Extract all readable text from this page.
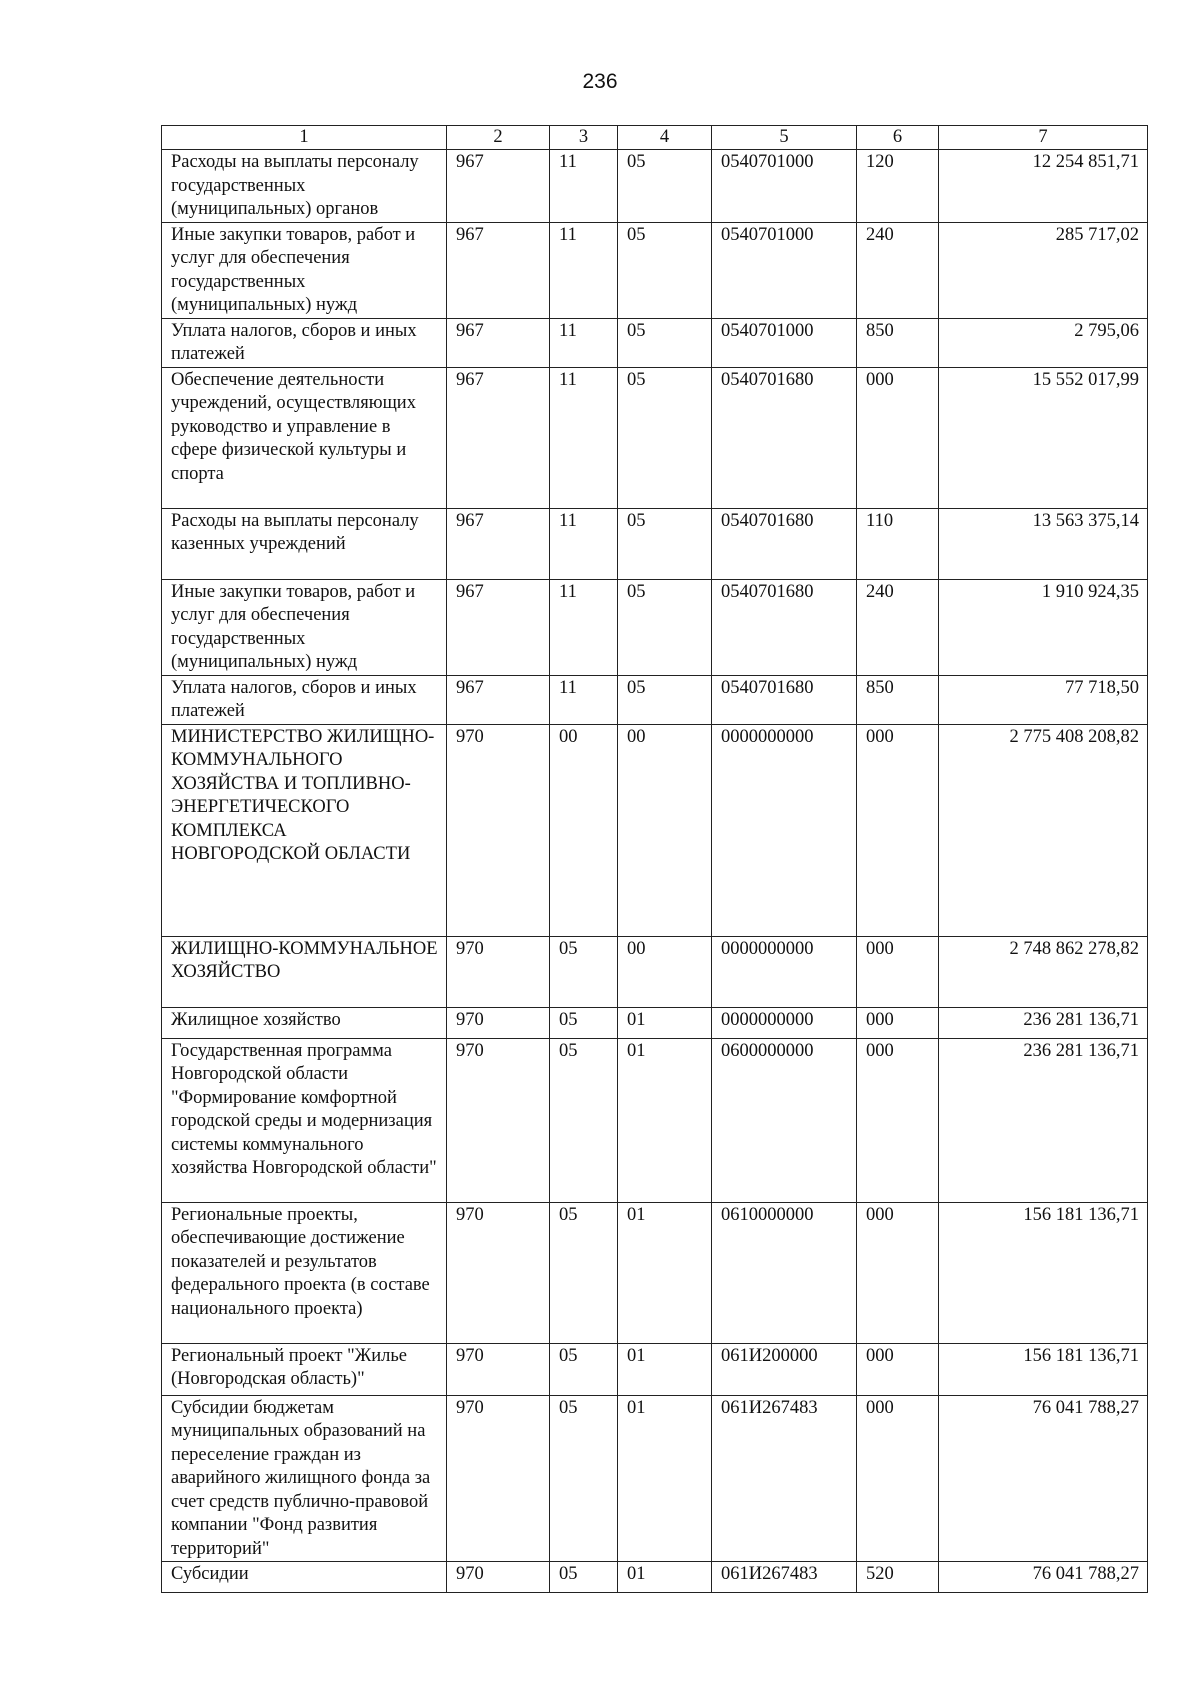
236
1	2	3	4	5	6	7
Расходы на выплаты персоналу государственных (муниципальных) органов	967	11	05	0540701000	120	12 254 851,71
Иные закупки товаров, работ и услуг для обеспечения государственных (муниципальных) нужд	967	11	05	0540701000	240	285 717,02
Уплата налогов, сборов и иных платежей	967	11	05	0540701000	850	2 795,06
Обеспечение деятельности учреждений, осуществляющих руководство и управление в сфере физической культуры и спорта	967	11	05	0540701680	000	15 552 017,99
Расходы на выплаты персоналу казенных учреждений	967	11	05	0540701680	110	13 563 375,14
Иные закупки товаров, работ и услуг для обеспечения государственных (муниципальных) нужд	967	11	05	0540701680	240	1 910 924,35
Уплата налогов, сборов и иных платежей	967	11	05	0540701680	850	77 718,50
МИНИСТЕРСТВО ЖИЛИЩНО-КОММУНАЛЬНОГО ХОЗЯЙСТВА И ТОПЛИВНО-ЭНЕРГЕТИЧЕСКОГО КОМПЛЕКСА НОВГОРОДСКОЙ ОБЛАСТИ	970	00	00	0000000000	000	2 775 408 208,82
ЖИЛИЩНО-КОММУНАЛЬНОЕ ХОЗЯЙСТВО	970	05	00	0000000000	000	2 748 862 278,82
Жилищное хозяйство	970	05	01	0000000000	000	236 281 136,71
Государственная программа Новгородской области "Формирование комфортной городской среды и модернизация системы коммунального хозяйства Новгородской области"	970	05	01	0600000000	000	236 281 136,71
Региональные проекты, обеспечивающие достижение показателей и результатов федерального проекта (в составе национального проекта)	970	05	01	0610000000	000	156 181 136,71
Региональный проект "Жилье (Новгородская область)"	970	05	01	061И200000	000	156 181 136,71
Субсидии бюджетам муниципальных образований на переселение граждан из аварийного жилищного фонда за счет средств публично-правовой компании "Фонд развития территорий"	970	05	01	061И267483	000	76 041 788,27
Субсидии	970	05	01	061И267483	520	76 041 788,27
